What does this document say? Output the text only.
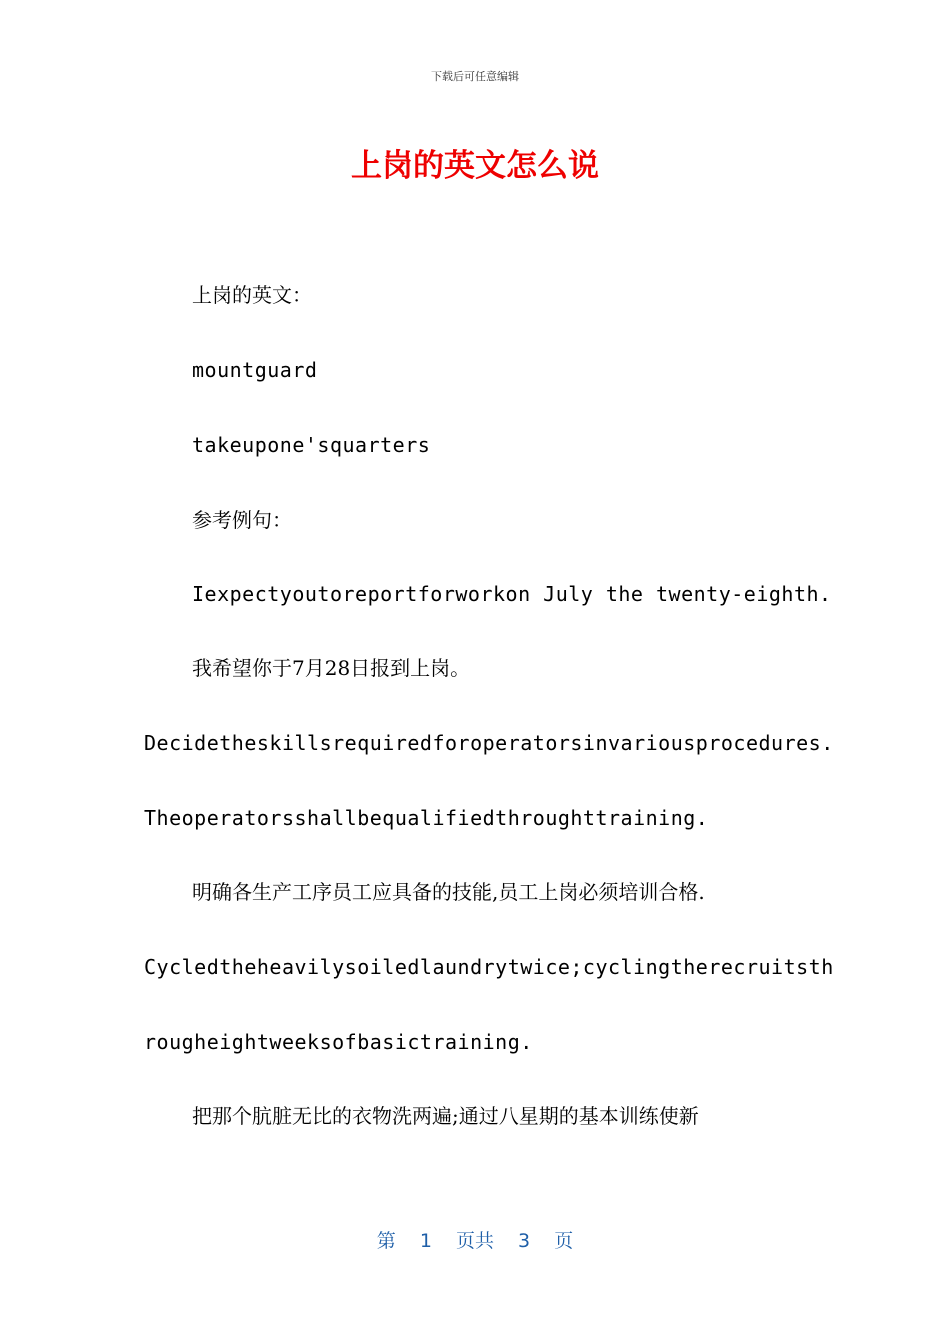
下载后可任意编辑
上岗的英文怎么说
上岗的英文：
mountguard
takeupone'squarters
参考例句：
Iexpectyoutoreportforworkon July the twenty-eighth.
我希望你于7月28日报到上岗。
Decidetheskillsrequiredforoperatorsinvariousprocedures.
Theoperatorsshallbequalifiedthroughttraining.
明确各生产工序员工应具备的技能,员工上岗必须培训合格.
Cycledtheheavilysoiledlaundrytwice;cyclingtherecruitsth
rougheightweeksofbasictraining.
把那个肮脏无比的衣物洗两遍;通过八星期的基本训练使新
第 1 页共 3 页
